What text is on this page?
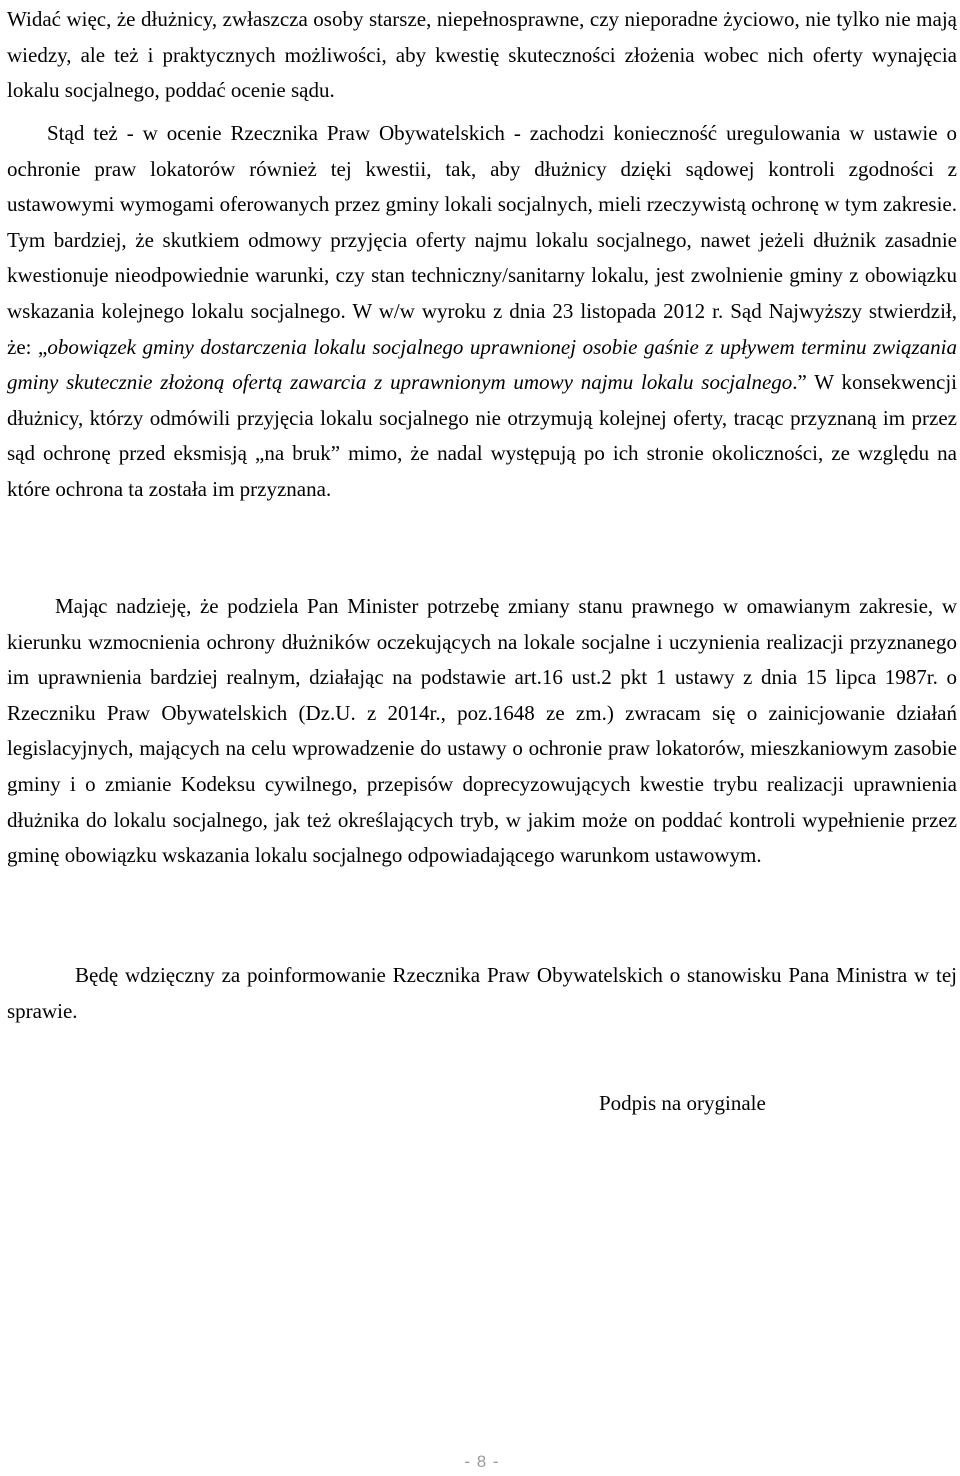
Widać więc, że dłużnicy, zwłaszcza osoby starsze, niepełnosprawne, czy nieporadne życiowo, nie tylko nie mają wiedzy, ale też i praktycznych możliwości, aby kwestię skuteczności złożenia wobec nich oferty wynajęcia lokalu socjalnego, poddać ocenie sądu.

Stąd też - w ocenie Rzecznika Praw Obywatelskich - zachodzi konieczność uregulowania w ustawie o ochronie praw lokatorów również tej kwestii, tak, aby dłużnicy dzięki sądowej kontroli zgodności z ustawowymi wymogami oferowanych przez gminy lokali socjalnych, mieli rzeczywistą ochronę w tym zakresie. Tym bardziej, że skutkiem odmowy przyjęcia oferty najmu lokalu socjalnego, nawet jeżeli dłużnik zasadnie kwestionuje nieodpowiednie warunki, czy stan techniczny/sanitarny lokalu, jest zwolnienie gminy z obowiązku wskazania kolejnego lokalu socjalnego. W w/w wyroku z dnia 23 listopada 2012 r. Sąd Najwyższy stwierdził, że: „obowiązek gminy dostarczenia lokalu socjalnego uprawnionej osobie gaśnie z upływem terminu związania gminy skutecznie złożoną ofertą zawarcia z uprawnionym umowy najmu lokalu socjalnego.” W konsekwencji dłużnicy, którzy odmówili przyjęcia lokalu socjalnego nie otrzymują kolejnej oferty, tracąc przyznaną im przez sąd ochronę przed eksmisją „na bruk” mimo, że nadal występują po ich stronie okoliczności, ze względu na które ochrona ta została im przyznana.

Mając nadzieję, że podziela Pan Minister potrzebę zmiany stanu prawnego w omawianym zakresie, w kierunku wzmocnienia ochrony dłużników oczekujących na lokale socjalne i uczynienia realizacji przyznanego im uprawnienia bardziej realnym, działając na podstawie art.16 ust.2 pkt 1 ustawy z dnia 15 lipca 1987r. o Rzeczniku Praw Obywatelskich (Dz.U. z 2014r., poz.1648 ze zm.) zwracam się o zainicjowanie działań legislacyjnych, mających na celu wprowadzenie do ustawy o ochronie praw lokatorów, mieszkaniowym zasobie gminy i o zmianie Kodeksu cywilnego, przepisów doprecyzowujących kwestie trybu realizacji uprawnienia dłużnika do lokalu socjalnego, jak też określających tryb, w jakim może on poddać kontroli wypełnienie przez gminę obowiązku wskazania lokalu socjalnego odpowiadającego warunkom ustawowym.

Będę wdzięczny za poinformowanie Rzecznika Praw Obywatelskich o stanowisku Pana Ministra w tej sprawie.

Podpis na oryginale
- 8 -
